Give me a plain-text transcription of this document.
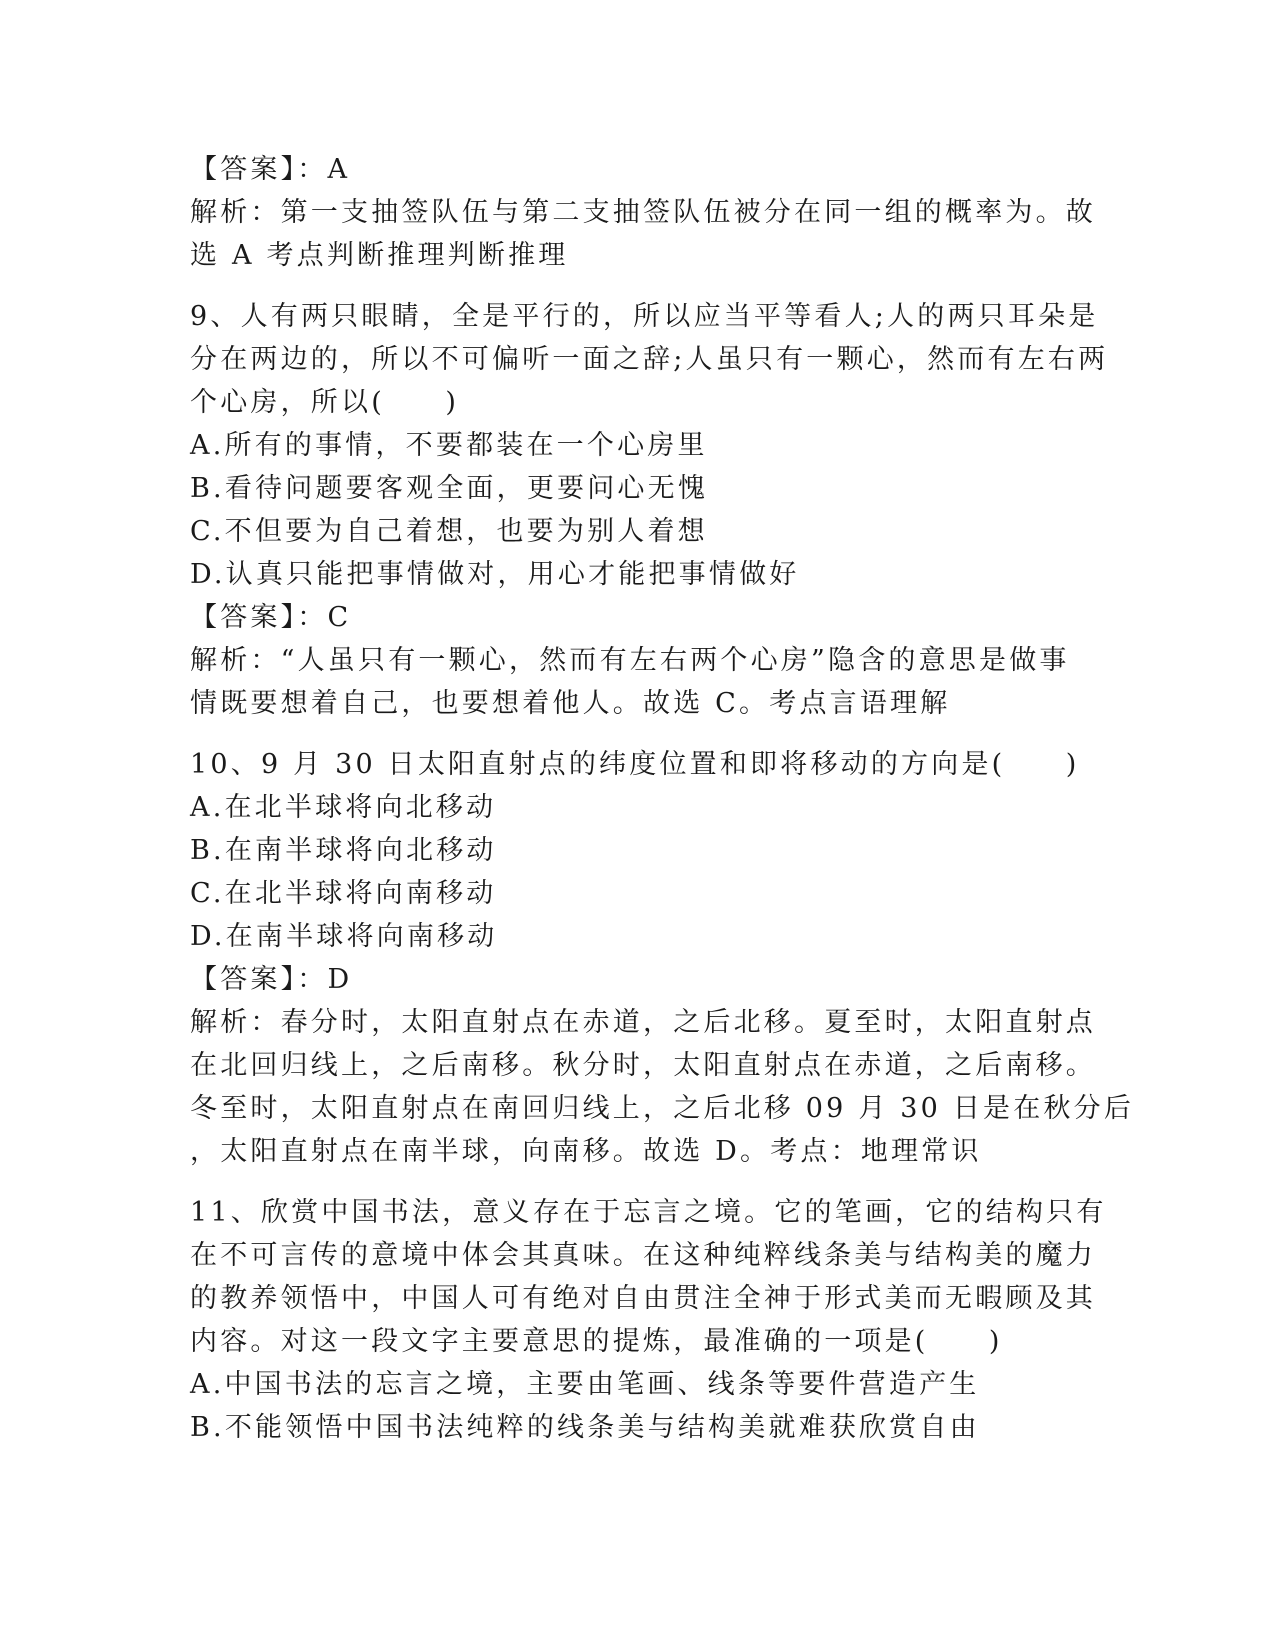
【答案】：A
解析：第一支抽签队伍与第二支抽签队伍被分在同一组的概率为。故
选 A 考点判断推理判断推理
9、人有两只眼睛，全是平行的，所以应当平等看人;人的两只耳朵是
分在两边的，所以不可偏听一面之辞;人虽只有一颗心，然而有左右两
个心房，所以(　　)
A.所有的事情，不要都装在一个心房里
B.看待问题要客观全面，更要问心无愧
C.不但要为自己着想，也要为别人着想
D.认真只能把事情做对，用心才能把事情做好
【答案】：C
解析：“人虽只有一颗心，然而有左右两个心房”隐含的意思是做事
情既要想着自己，也要想着他人。故选 C。考点言语理解
10、9 月 30 日太阳直射点的纬度位置和即将移动的方向是(　　)
A.在北半球将向北移动
B.在南半球将向北移动
C.在北半球将向南移动
D.在南半球将向南移动
【答案】：D
解析：春分时，太阳直射点在赤道，之后北移。夏至时，太阳直射点
在北回归线上，之后南移。秋分时，太阳直射点在赤道，之后南移。
冬至时，太阳直射点在南回归线上，之后北移 09 月 30 日是在秋分后
，太阳直射点在南半球，向南移。故选 D。考点：地理常识
11、欣赏中国书法，意义存在于忘言之境。它的笔画，它的结构只有
在不可言传的意境中体会其真味。在这种纯粹线条美与结构美的魔力
的教养领悟中，中国人可有绝对自由贯注全神于形式美而无暇顾及其
内容。对这一段文字主要意思的提炼，最准确的一项是(　　)
A.中国书法的忘言之境，主要由笔画、线条等要件营造产生
B.不能领悟中国书法纯粹的线条美与结构美就难获欣赏自由
